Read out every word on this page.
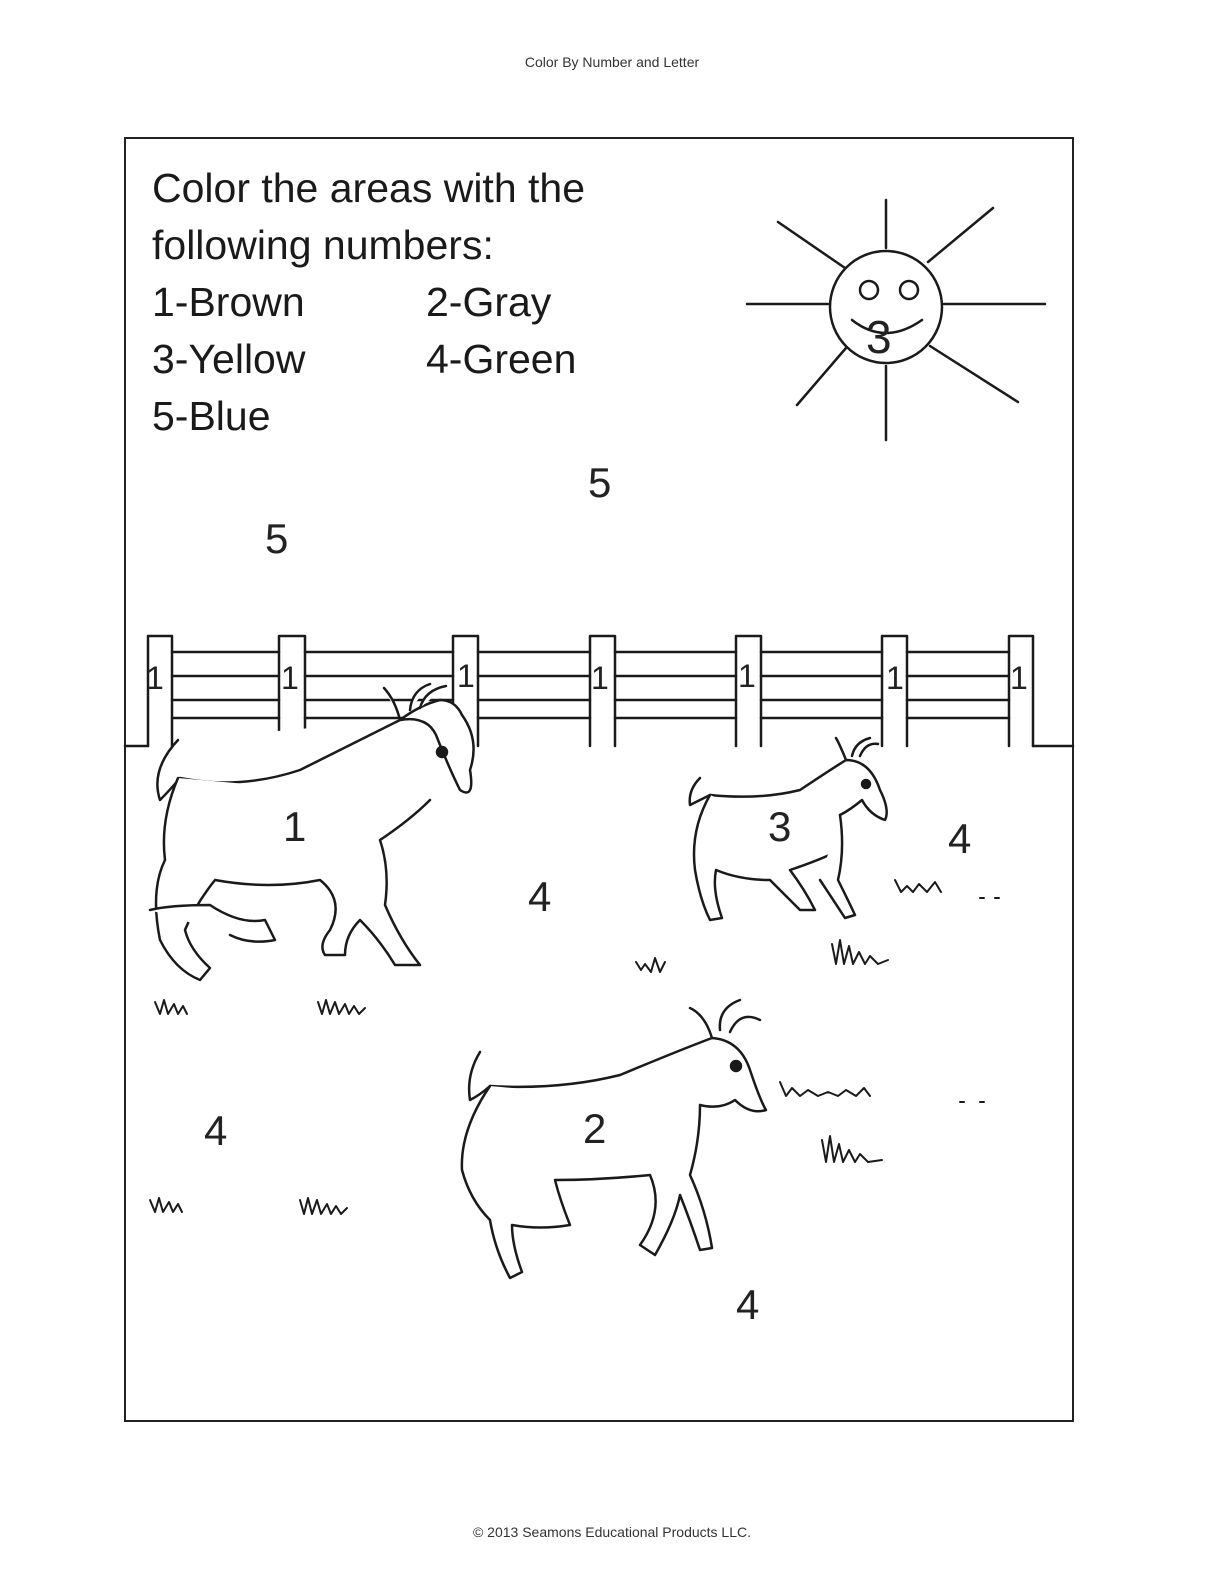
Color By Number and Letter
Color the areas with the
following numbers:
1-Brown	2-Gray
3-Yellow	4-Green
5-Blue
3
5
5
1	1	1	1	1	1	1
1	3
2
4
4
4
4
© 2013 Seamons Educational Products LLC.
